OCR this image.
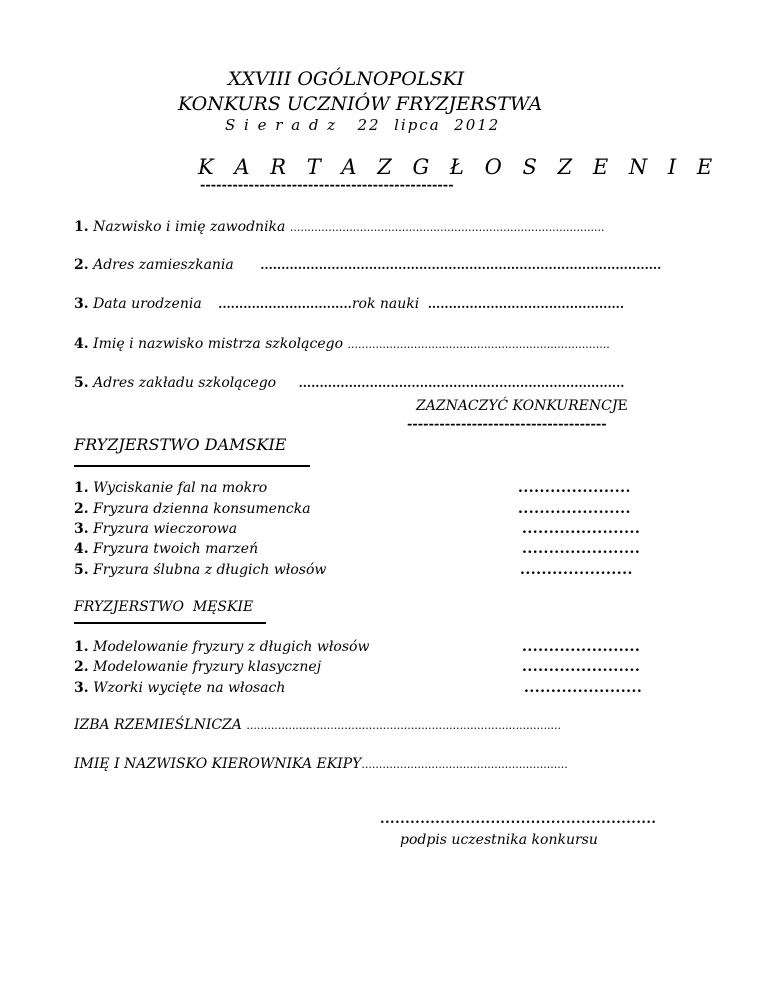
XXVIII OGÓLNOPOLSKI
KONKURS UCZNIÓW FRYZJERSTWA
S i e r a d z   22  lipca  2012
K A R T A Z G Ł O S Z E N I E
-----------------------------------------------
1. Nazwisko i imię zawodnika ..........................................................................................
2. Adres zamieszkania ................................................................................................
3. Data urodzenia ................................rok nauki ...............................................
4. Imię i nazwisko mistrza szkolącego ...........................................................................
5. Adres zakładu szkolącego ..............................................................................
ZAZNACZYĆ KONKURENCJE
-------------------------------------
FRYZJERSTWO DAMSKIE
1. Wyciskanie fal na mokro	.....................
2. Fryzura dzienna konsumencka	.....................
3. Fryzura wieczorowa	......................
4. Fryzura twoich marzeń	......................
5. Fryzura ślubna z długich włosów	.....................
FRYZJERSTWO  MĘSKIE
1. Modelowanie fryzury z długich włosów	......................
2. Modelowanie fryzury klasycznej	......................
3. Wzorki wycięte na włosach	......................
IZBA RZEMIEŚLNICZA ..........................................................................................
IMIĘ I NAZWISKO KIEROWNIKA EKIPY...........................................................
.......................................................
podpis uczestnika konkursu
